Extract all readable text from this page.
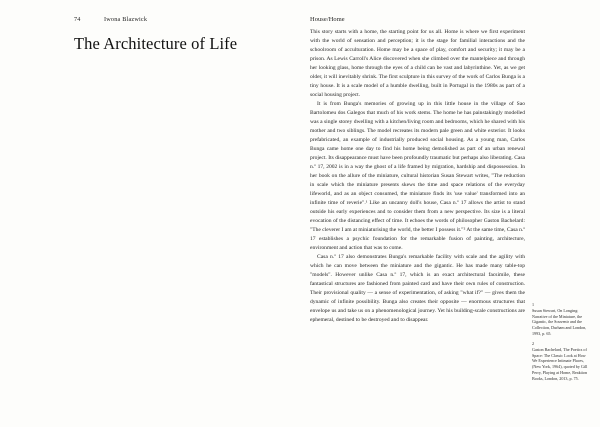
74	Iwona Blazwick
The Architecture of Life
House/Home

This story starts with a home, the starting point for us all. Home is where we first experiment with the world of sensation and perception; it is the stage for familial interactions and the schoolroom of acculturation. Home may be a space of play, comfort and security; it may be a prison. As Lewis Carroll's Alice discovered when she climbed over the mantelpiece and through her looking glass, home through the eyes of a child can be vast and labyrinthine. Yet, as we get older, it will inevitably shrink. The first sculpture in this survey of the work of Carlos Bunga is a tiny house. It is a scale model of a humble dwelling, built in Portugal in the 1980s as part of a social housing project.

It is from Bunga's memories of growing up in this little house in the village of Sao Bartolomeu dos Galegos that much of his work stems. The home he has painstakingly modelled was a single storey dwelling with a kitchen/living room and bedrooms, which he shared with his mother and two siblings. The model recreates its modern pale green and white exterior. It looks prefabricated, an example of industrially produced social housing. As a young man, Carlos Bunga came home one day to find his home being demolished as part of an urban renewal project. Its disappearance must have been profoundly traumatic but perhaps also liberating. Casa n.º 17, 2002 is in a way the ghost of a life framed by migration, hardship and dispossession. In her book on the allure of the miniature, cultural historian Susan Stewart writes, "The reduction in scale which the miniature presents skews the time and space relations of the everyday lifeworld, and as an object consumed, the miniature finds its 'use value' transformed into an infinite time of reverie".¹ Like an uncanny doll's house, Casa n.º 17 allows the artist to stand outside his early experiences and to consider them from a new perspective. Its size is a literal evocation of the distancing effect of time. It echoes the words of philosopher Gaston Bachelard: "The cleverer I am at miniaturising the world, the better I possess it."² At the same time, Casa n.º 17 establishes a psychic foundation for the remarkable fusion of painting, architecture, environment and action that was to come.

Casa n.º 17 also demonstrates Bunga's remarkable facility with scale and the agility with which he can move between the miniature and the gigantic. He has made many table-top "models". However unlike Casa n.º 17, which is an exact architectural facsimile, these fantastical structures are fashioned from painted card and have their own rules of construction. Their provisional quality — a sense of experimentation, of asking "what if?" — gives them the dynamic of infinite possibility. Bunga also creates their opposite — enormous structures that envelope us and take us on a phenomenological journey. Yet his building-scale constructions are ephemeral, destined to be destroyed and to disappear.

1
Susan Stewart, On Longing: Narrative of the Miniature, the Gigantic, the Souvenir and the Collection, Durham and London, 1993, p. 65.
2
Gaston Bachelard, The Poetics of Space: The Classic Look at How We Experience Intimate Places, (New York, 1964), quoted by Gill Perry, Playing at Home, Reaktion Books, London, 2013, p. 75.
